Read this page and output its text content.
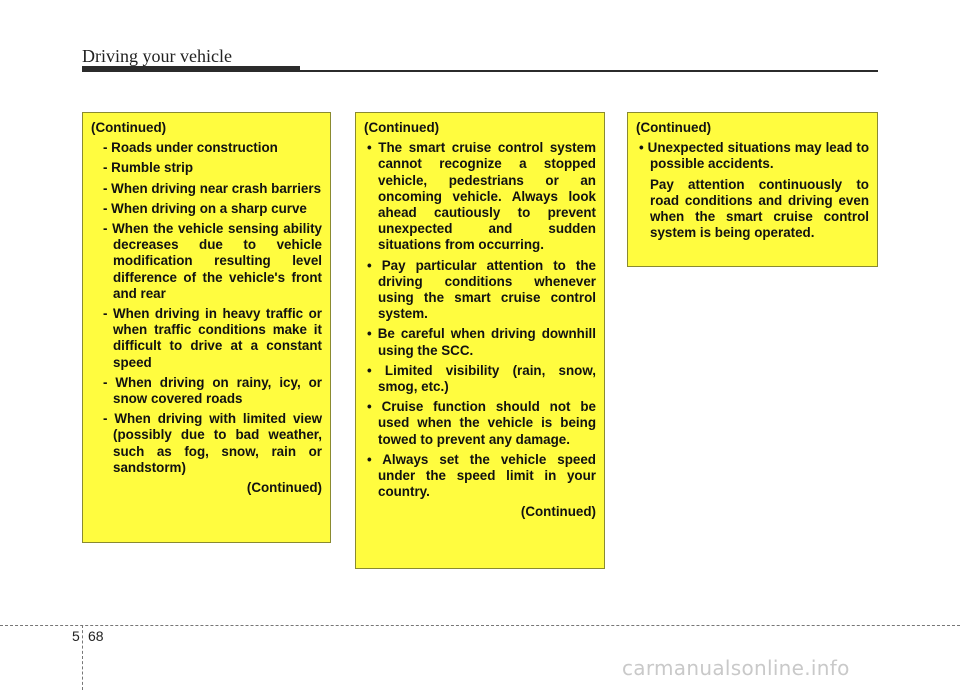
Driving your vehicle
(Continued)
- Roads under construction
- Rumble strip
- When driving near crash barriers
- When driving on a sharp curve
- When the vehicle sensing ability decreases due to vehicle modification resulting level difference of the vehicle's front and rear
- When driving in heavy traffic or when traffic conditions make it difficult to drive at a constant speed
- When driving on rainy, icy, or snow covered roads
- When driving with limited view (possibly due to bad weather, such as fog, snow, rain or sandstorm)
(Continued)
(Continued)
• The smart cruise control system cannot recognize a stopped vehicle, pedestrians or an oncoming vehicle. Always look ahead cautiously to prevent unexpected and sudden situations from occurring.
• Pay particular attention to the driving conditions whenever using the smart cruise control system.
• Be careful when driving downhill using the SCC.
• Limited visibility (rain, snow, smog, etc.)
• Cruise function should not be used when the vehicle is being towed to prevent any damage.
• Always set the vehicle speed under the speed limit in your country.
(Continued)
(Continued)
• Unexpected situations may lead to possible accidents.
Pay attention continuously to road conditions and driving even when the smart cruise control system is being operated.
5 68
carmanualsonline.info
